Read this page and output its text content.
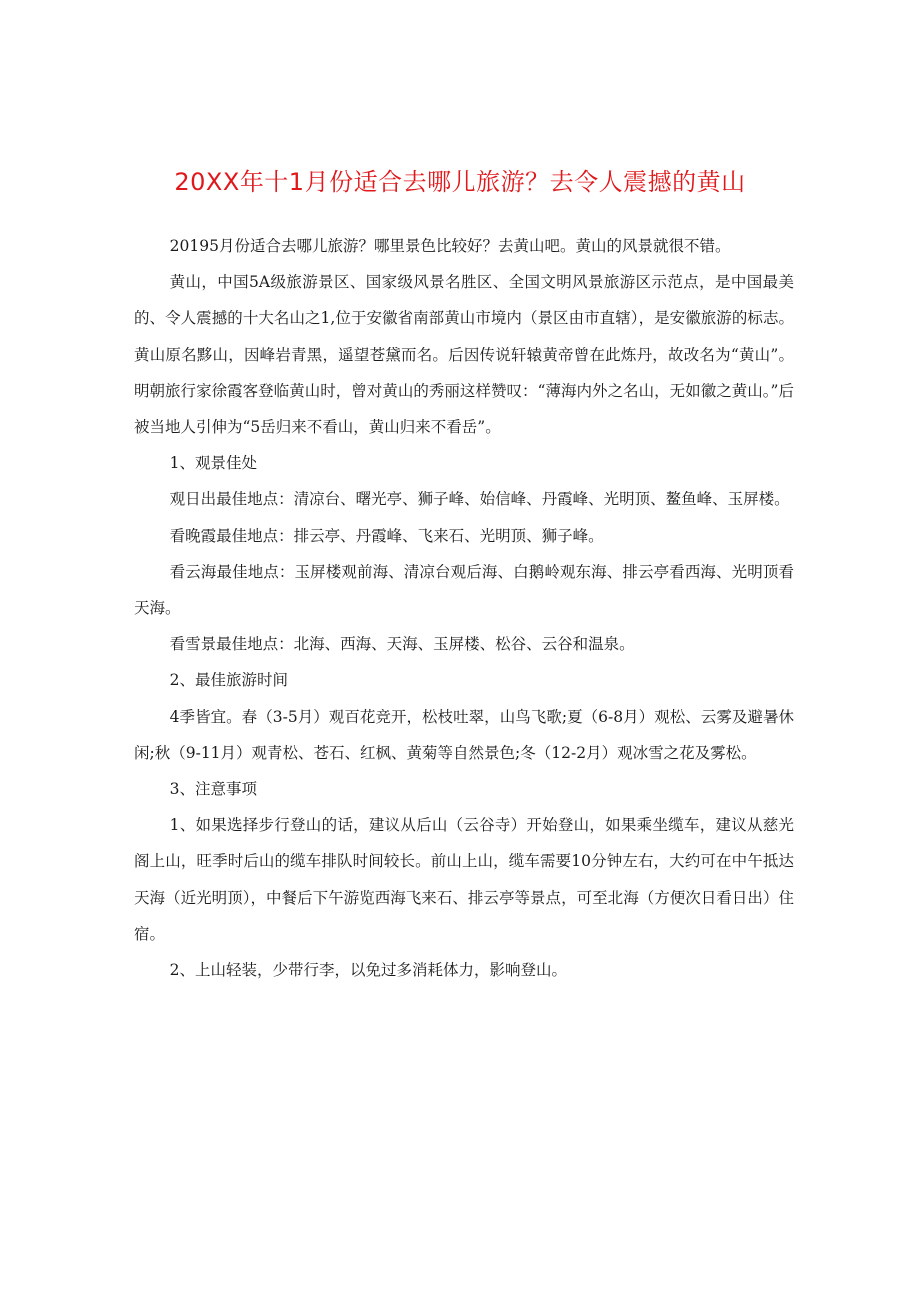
20XX年十1月份适合去哪儿旅游？去令人震撼的黄山

20195月份适合去哪儿旅游？哪里景色比较好？去黄山吧。黄山的风景就很不错。

黄山，中国5A级旅游景区、国家级风景名胜区、全国文明风景旅游区示范点，是中国最美的、令人震撼的十大名山之1,位于安徽省南部黄山市境内（景区由市直辖），是安徽旅游的标志。黄山原名黟山，因峰岩青黑，遥望苍黛而名。后因传说轩辕黄帝曾在此炼丹，故改名为“黄山”。明朝旅行家徐霞客登临黄山时，曾对黄山的秀丽这样赞叹：“薄海内外之名山，无如徽之黄山。”后被当地人引伸为“5岳归来不看山，黄山归来不看岳”。

1、观景佳处

观日出最佳地点：清凉台、曙光亭、狮子峰、始信峰、丹霞峰、光明顶、鳌鱼峰、玉屏楼。

看晚霞最佳地点：排云亭、丹霞峰、飞来石、光明顶、狮子峰。

看云海最佳地点：玉屏楼观前海、清凉台观后海、白鹅岭观东海、排云亭看西海、光明顶看天海。

看雪景最佳地点：北海、西海、天海、玉屏楼、松谷、云谷和温泉。

2、最佳旅游时间

4季皆宜。春（3-5月）观百花竞开，松枝吐翠，山鸟飞歌;夏（6-8月）观松、云雾及避暑休闲;秋（9-11月）观青松、苍石、红枫、黄菊等自然景色;冬（12-2月）观冰雪之花及雾松。

3、注意事项

1、如果选择步行登山的话，建议从后山（云谷寺）开始登山，如果乘坐缆车，建议从慈光阁上山，旺季时后山的缆车排队时间较长。前山上山，缆车需要10分钟左右，大约可在中午抵达天海（近光明顶），中餐后下午游览西海飞来石、排云亭等景点，可至北海（方便次日看日出）住宿。

2、上山轻装，少带行李，以免过多消耗体力，影响登山。
